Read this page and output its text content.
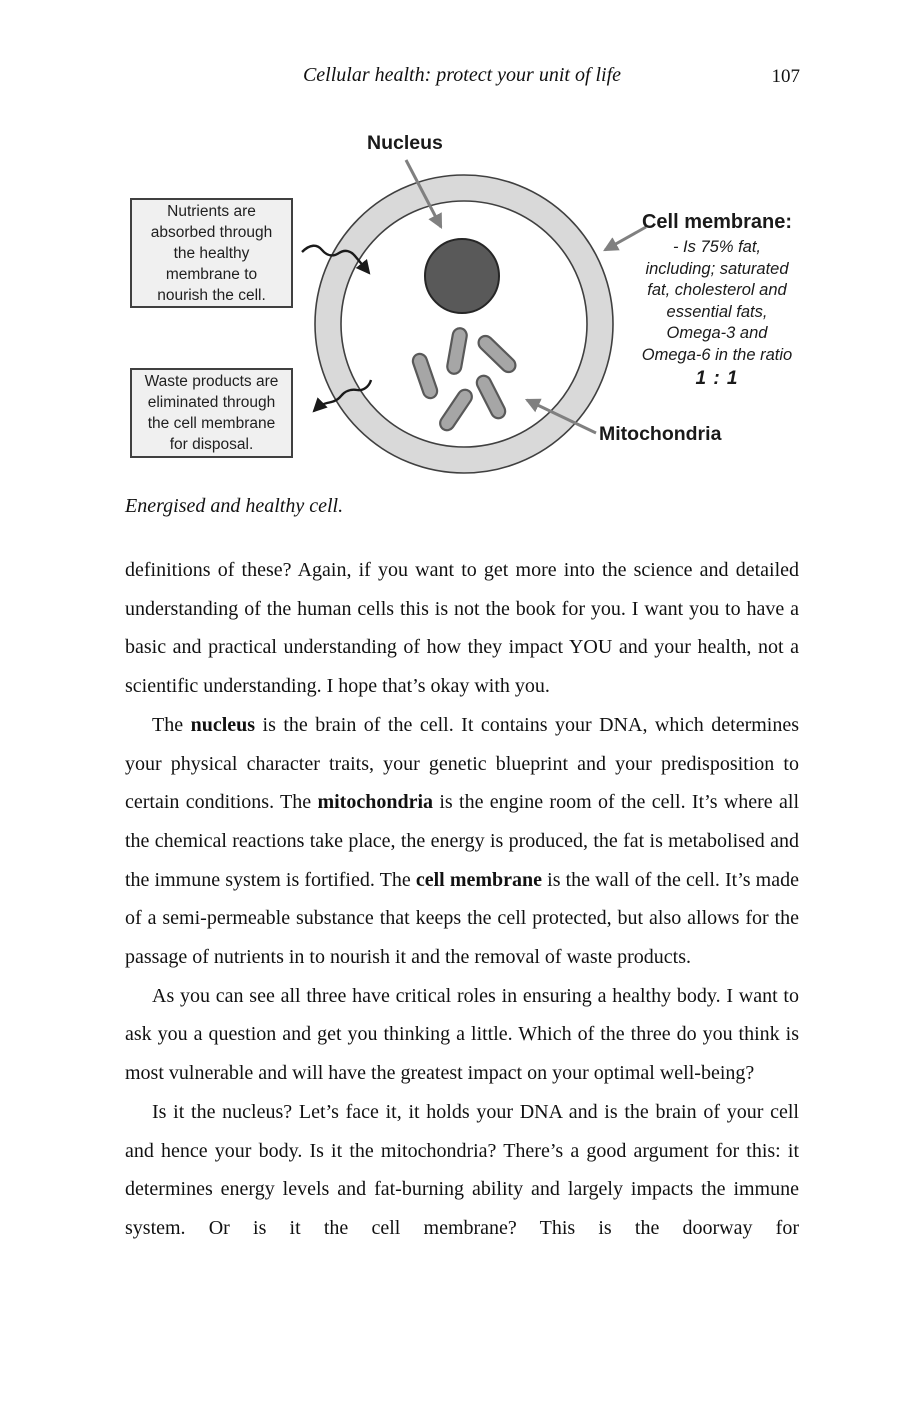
Cellular health: protect your unit of life	107
Nucleus
Cell membrane:
- Is 75% fat,
including; saturated
fat, cholesterol and
essential fats,
Omega-3 and
Omega-6 in the ratio
1 : 1
Mitochondria
Nutrients are
absorbed through
the healthy
membrane to
nourish the cell.
Waste products are
eliminated through
the cell membrane
for disposal.
Energised and healthy cell.

definitions of these? Again, if you want to get more into the science and detailed understanding of the human cells this is not the book for you. I want you to have a basic and practical understanding of how they impact YOU and your health, not a scientific understanding. I hope that’s okay with you.

The nucleus is the brain of the cell. It contains your DNA, which determines your physical character traits, your genetic blueprint and your predisposition to certain conditions. The mitochondria is the engine room of the cell. It’s where all the chemical reactions take place, the energy is produced, the fat is metabolised and the immune system is fortified. The cell membrane is the wall of the cell. It’s made of a semi-permeable substance that keeps the cell protected, but also allows for the passage of nutrients in to nourish it and the removal of waste products.

As you can see all three have critical roles in ensuring a healthy body. I want to ask you a question and get you thinking a little. Which of the three do you think is most vulnerable and will have the greatest impact on your optimal well-being?

Is it the nucleus? Let’s face it, it holds your DNA and is the brain of your cell and hence your body. Is it the mitochondria? There’s a good argument for this: it determines energy levels and fat-burning ability and largely impacts the immune system. Or is it the cell membrane? This is the doorway for
